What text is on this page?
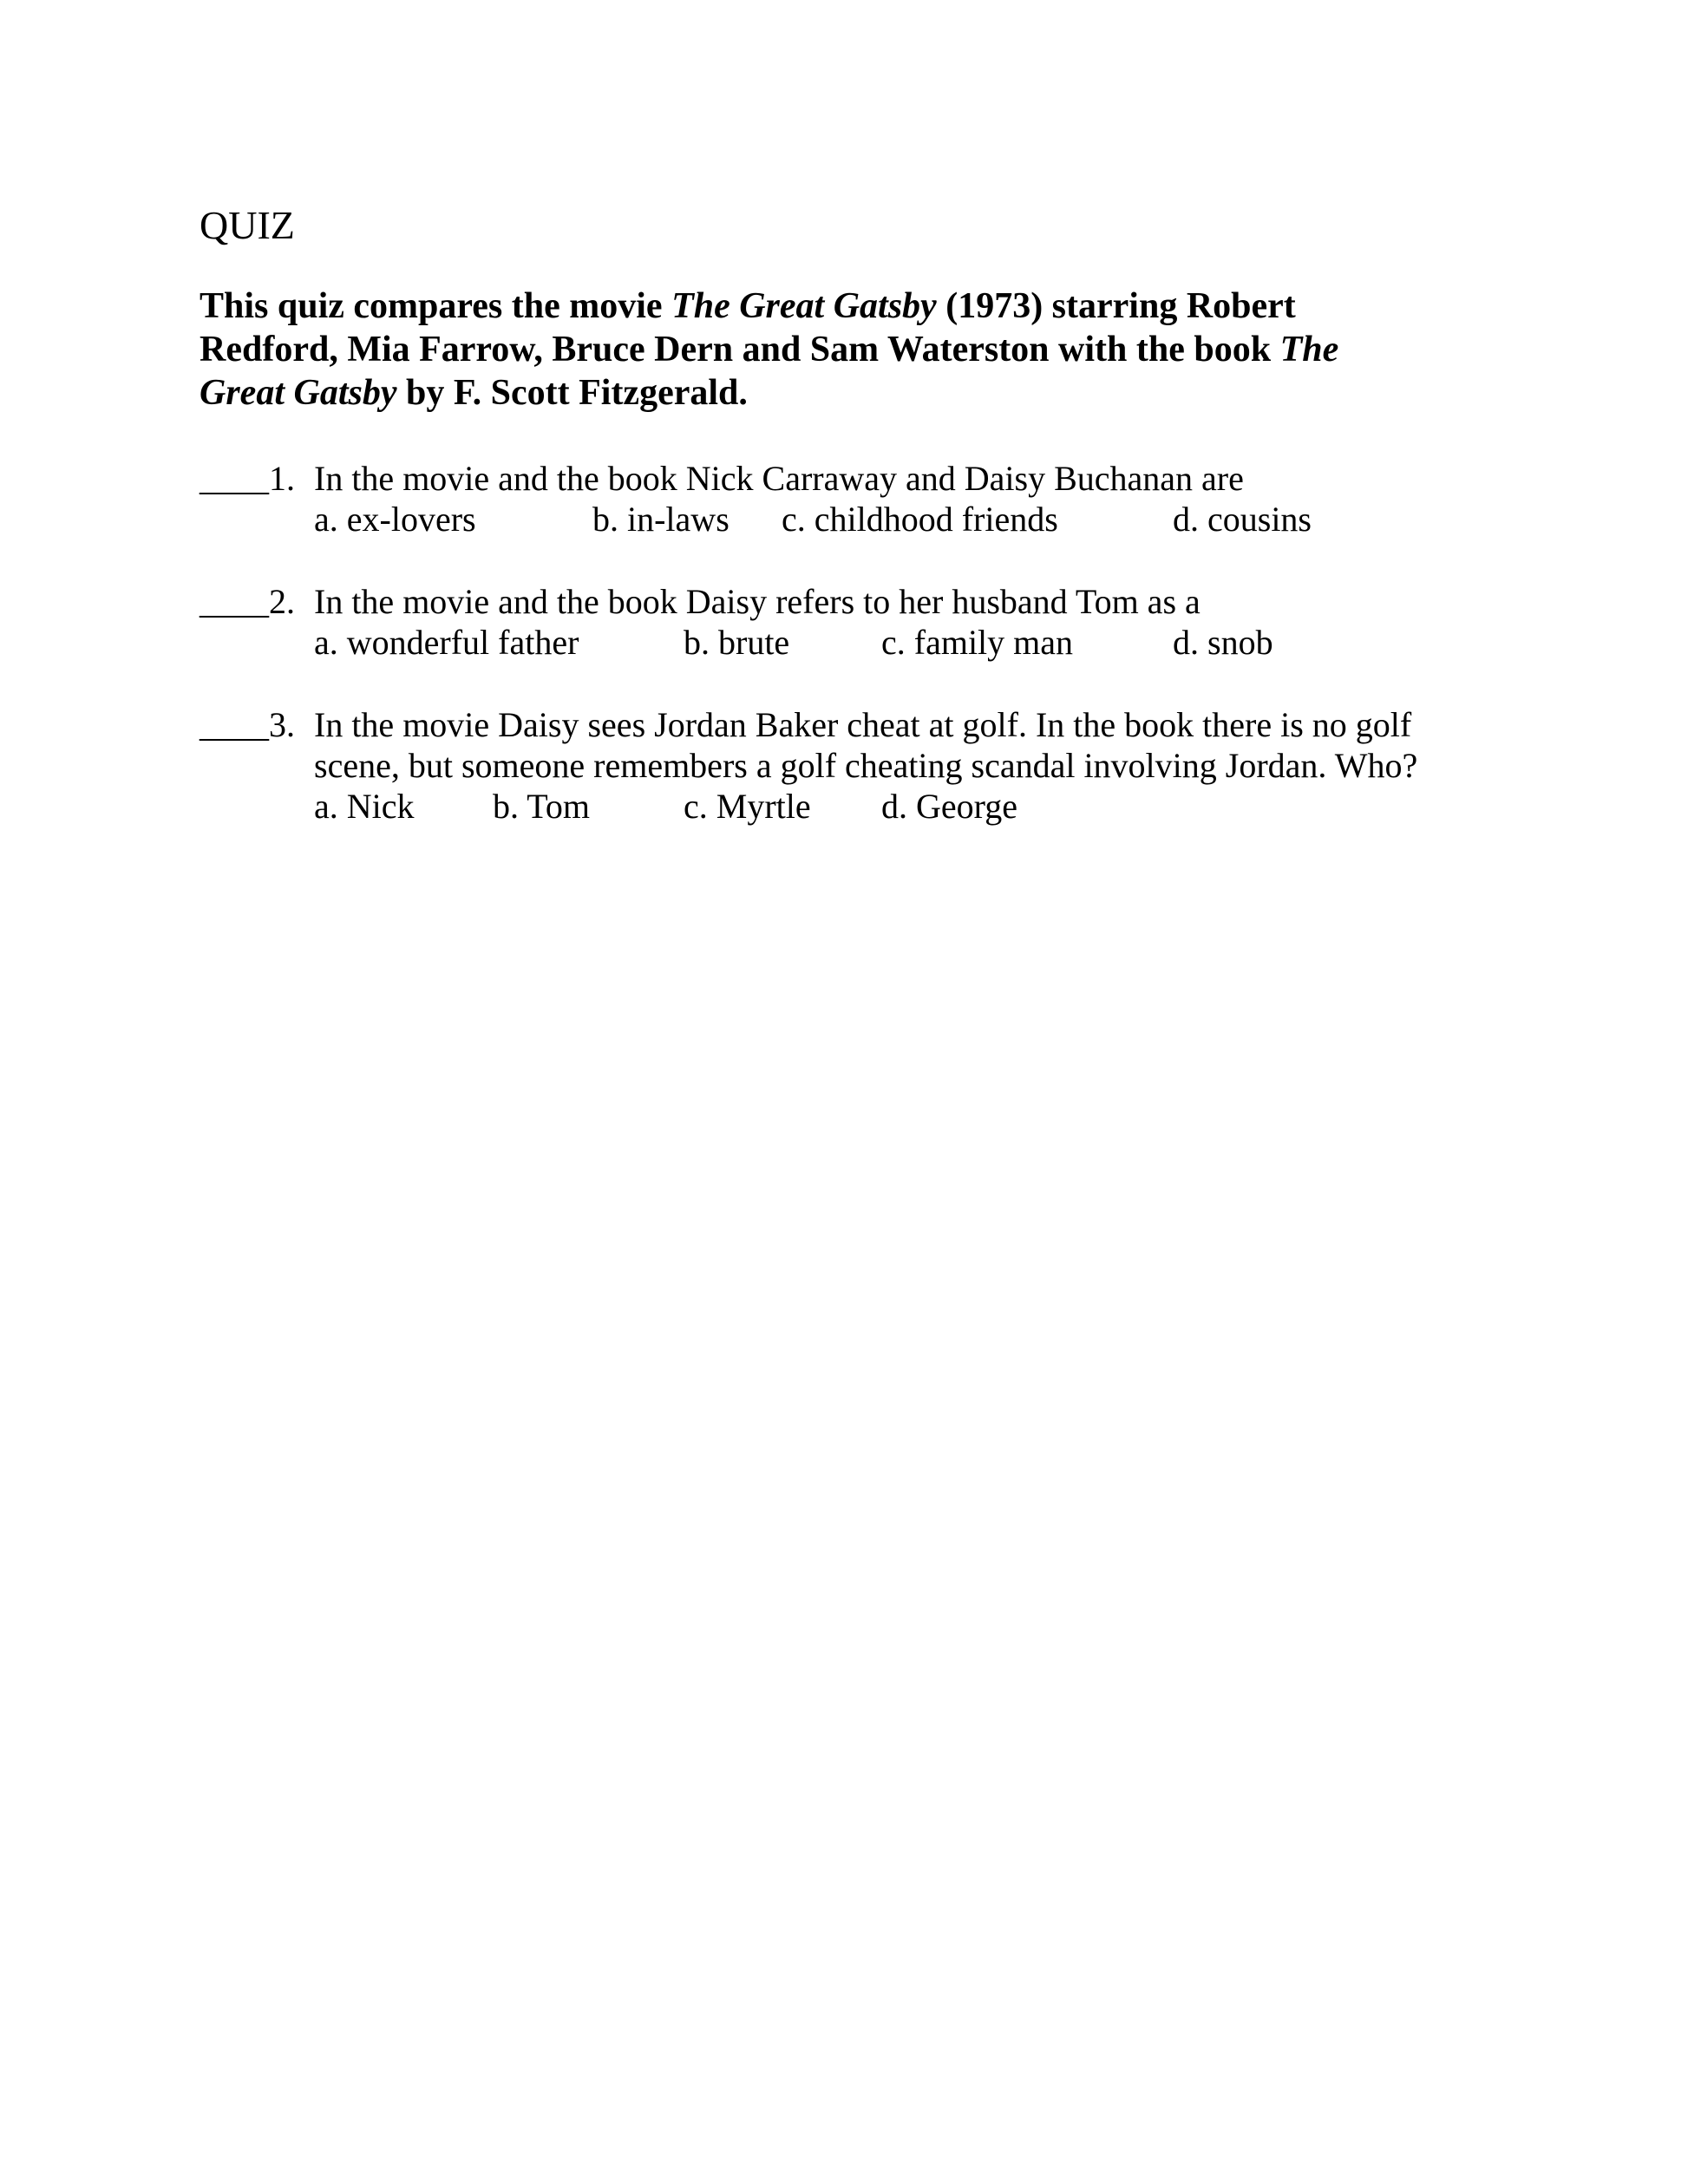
QUIZ

This quiz compares the movie The Great Gatsby (1973) starring Robert
Redford, Mia Farrow, Bruce Dern and Sam Waterston with the book The
Great Gatsby by F. Scott Fitzgerald.

____1. In the movie and the book Nick Carraway and Daisy Buchanan are
a. ex-lovers	b. in-laws c. childhood friends	d. cousins
____2. In the movie and the book Daisy refers to her husband Tom as a
a. wonderful father	b. brute	c. family man	d. snob
____3. In the movie Daisy sees Jordan Baker cheat at golf. In the book there is no golf
scene, but someone remembers a golf cheating scandal involving Jordan. Who?
a. Nick b. Tom	c. Myrtle d. George
